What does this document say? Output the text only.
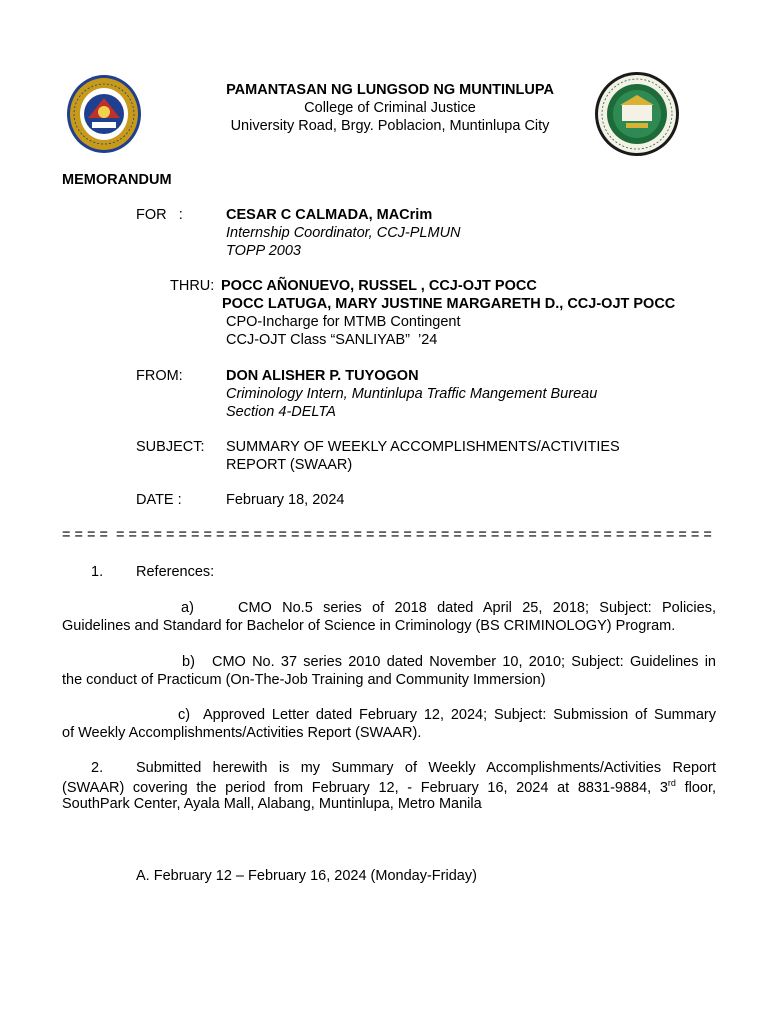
PAMANTASAN NG LUNGSOD NG MUNTINLUPA
College of Criminal Justice
University Road, Brgy. Poblacion, Muntinlupa City
MEMORANDUM
FOR   :	CESAR C CALMADA, MACrim
Internship Coordinator, CCJ-PLMUN
TOPP 2003
THRU: POCC AÑONUEVO, RUSSEL , CCJ-OJT POCC
POCC LATUGA, MARY JUSTINE MARGARETH D., CCJ-OJT POCC
CPO-Incharge for MTMB Contingent
CCJ-OJT Class “SANLIYAB”  ’24
FROM:	DON ALISHER P. TUYOGON
Criminology Intern, Muntinlupa Traffic Mangement Bureau
Section 4-DELTA
SUBJECT: SUMMARY OF WEEKLY ACCOMPLISHMENTS/ACTIVITIES
REPORT (SWAAR)
DATE :	February 18, 2024
= = = =  = = = = = = = = = = = = = = = = = = = = = = = = = = = = = = = = = = = = = = = = = = = = = = = =
1. References:
a)	CMO No.5 series of 2018 dated April 25, 2018; Subject: Policies,
Guidelines and Standard for Bachelor of Science in Criminology (BS CRIMINOLOGY) Program.
b) CMO No. 37 series 2010 dated November 10, 2010; Subject: Guidelines in
the conduct of Practicum (On-The-Job Training and Community Immersion)
c) Approved Letter dated February 12, 2024; Subject: Submission of Summary
of Weekly Accomplishments/Activities Report (SWAAR).
2. Submitted herewith is my Summary of Weekly Accomplishments/Activities Report
(SWAAR) covering the period from February 12, - February 16, 2024 at 8831-9884, 3rd floor,
SouthPark Center, Ayala Mall, Alabang, Muntinlupa, Metro Manila
A. February 12 – February 16, 2024 (Monday-Friday)
